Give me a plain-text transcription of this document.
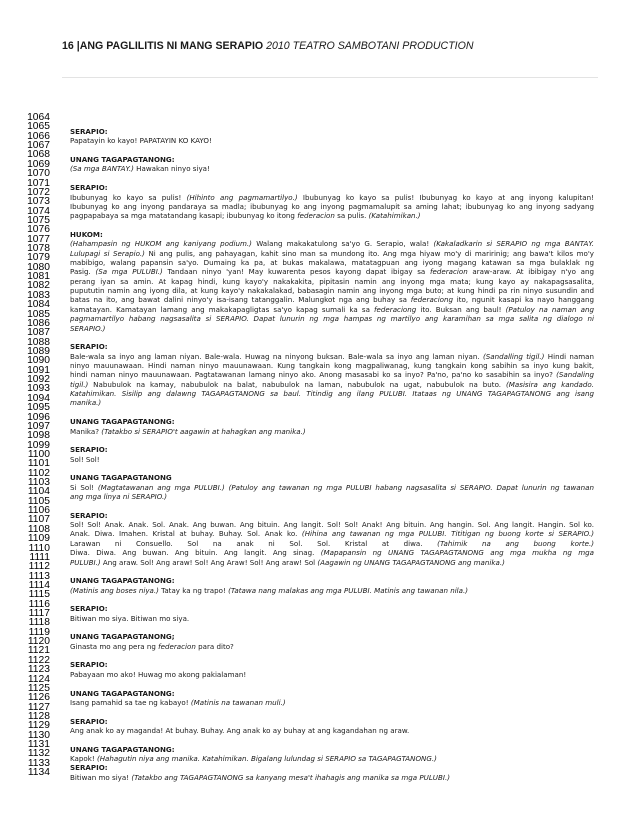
16 |ANG PAGLILITIS NI MANG SERAPIO 2010 TEATRO SAMBOTANI PRODUCTION
1064
1065
1066
1067
1068
1069
1070
1071
1072
1073
1074
1075
1076
1077
1078
1079
1080
1081
1082
1083
1084
1085
1086
1087
1088
1089
1090
1091
1092
1093
1094
1095
1096
1097
1098
1099
1100
1101
1102
1103
1104
1105
1106
1107
1108
1109
1110
1111
1112
1113
1114
1115
1116
1117
1118
1119
1120
1121
1122
1123
1124
1125
1126
1127
1128
1129
1130
1131
1132
1133
1134
SERAPIO:
Papatayin ko kayo! PAPATAYIN KO KAYO!
UNANG TAGAPAGTANONG:
(Sa mga BANTAY.) Hawakan ninyo siya!
SERAPIO:
Ibubunyag ko kayo sa pulis! (Hihinto ang pagmamartilyo.) Ibubunyag ko kayo sa pulis! Ibubunyag ko kayo at ang inyong kalupitan!
Ibubunyag ko ang inyong pandaraya sa madla; ibubunyag ko ang inyong pagmamalupit sa aming lahat; ibubunyag ko ang inyong sadyang
pagpapabaya sa mga matatandang kasapi; ibubunyag ko itong federacion sa pulis. (Katahimikan.)
HUKOM:
(Hahampasin ng HUKOM ang kaniyang podium.) Walang makakatulong sa'yo G. Serapio, wala! (Kakaladkarin si SERAPIO ng mga BANTAY.
Lulupagi si Serapio.) Ni ang pulis, ang pahayagan, kahit sino man sa mundong ito. Ang mga hiyaw mo'y di maririnig; ang bawa't kilos mo'y
mabibigo, walang papansin sa'yo. Dumaing ka pa, at bukas makalawa, matatagpuan ang iyong magang katawan sa mga bulaklak ng
Pasig. (Sa mga PULUBI.) Tandaan ninyo 'yan! May kuwarenta pesos kayong dapat ibigay sa federacion araw-araw. At ibibigay n'yo ang
perang iyan sa amin. At kapag hindi, kung kayo'y nakakakita, pipitasin namin ang inyong mga mata; kung kayo ay nakapagsasalita,
pupututin namin ang iyong dila, at kung kayo'y nakakalakad, babasagin namin ang inyong mga buto; at kung hindi pa rin ninyo susundin and
batas na ito, ang bawat dalini ninyo'y isa-isang tatanggalin. Malungkot nga ang buhay sa federaciong ito, ngunit kasapi ka nayo hanggang
kamatayan. Kamatayan lamang ang makakapagligtas sa'yo kapag sumali ka sa federaciong ito. Buksan ang baul! (Patuloy na naman ang
pagmamartilyo habang nagsasalita si SERAPIO. Dapat lunurin ng mga hampas ng martilyo ang karamihan sa mga salita ng dialogo ni
SERAPIO.)
SERAPIO:
Bale-wala sa inyo ang laman niyan. Bale-wala. Huwag na ninyong buksan. Bale-wala sa inyo ang laman niyan. (Sandalling tigil.) Hindi naman
ninyo mauunawaan. Hindi naman ninyo mauunawaan. Kung tangkain kong magpaliwanag, kung tangkain kong sabihin sa inyo kung bakit,
hindi naman ninyo mauunawaan. Pagtatawanan lamang ninyo ako. Anong masasabi ko sa inyo? Pa'no, pa'no ko sasabihin sa inyo? (Sandaling
tigil.) Nabubulok na kamay, nabubulok na balat, nabubulok na laman, nabubulok na ugat, nabubulok na buto. (Masisira ang kandado.
Katahimikan. Sisilip ang dalawng TAGAPAGTANONG sa baul. Titindig ang ilang PULUBI. Itataas ng UNANG TAGAPAGTANONG ang isang
manika.)
UNANG TAGAPAGTANONG:
Manika? (Tatakbo si SERAPIO't aagawin at hahagkan ang manika.)
SERAPIO:
Sol! Sol!
UNANG TAGAPAGTANONG
Si Sol! (Magtatawanan ang mga PULUBI.) (Patuloy ang tawanan ng mga PULUBI habang nagsasalita si SERAPIO. Dapat lunurin ng tawanan
ang mga linya ni SERAPIO.)
SERAPIO:
Sol! Sol! Anak. Anak. Sol. Anak. Ang buwan. Ang bituin. Ang langit. Sol! Sol! Anak! Ang bituin. Ang hangin. Sol. Ang langit. Hangin. Sol ko.
Anak. Diwa. Imahen. Kristal at buhay. Buhay. Sol. Anak ko. (Hihina ang tawanan ng mga PULUBI. Tititigan ng buong korte si SERAPIO.)
Larawan ni Consuello. Sol na anak ni Sol. Sol. Kristal at diwa. (Tahimik na ang buong korte.)
Diwa. Diwa. Ang buwan. Ang bituin. Ang langit. Ang sinag. (Mapapansin ng UNANG TAGAPAGTANONG ang mga mukha ng mga
PULUBI.) Ang araw. Sol! Ang araw! Sol! Ang Araw! Sol! Ang araw! Sol (Aagawin ng UNANG TAGAPAGTANONG ang manika.)
UNANG TAGAPAGTANONG:
(Matinis ang boses niya.) Tatay ka ng trapo! (Tatawa nang malakas ang mga PULUBI. Matinis ang tawanan nila.)
SERAPIO:
Bitiwan mo siya. Bitiwan mo siya.
UNANG TAGAPAGTANONG;
Ginasta mo ang pera ng federacion para dito?
SERAPIO:
Pabayaan mo ako! Huwag mo akong pakialaman!
UNANG TAGAPAGTANONG:
Isang pamahid sa tae ng kabayo! (Matinis na tawanan muli.)
SERAPIO:
Ang anak ko ay maganda! At buhay. Buhay. Ang anak ko ay buhay at ang kagandahan ng araw.
UNANG TAGAPAGTANONG:
Kapok! (Hahagutin niya ang manika. Katahimikan. Bigalang lulundag si SERAPIO sa TAGAPAGTANONG.)
SERAPIO:
Bitiwan mo siya! (Tatakbo ang TAGAPAGTANONG sa kanyang mesa't ihahagis ang manika sa mga PULUBI.)
